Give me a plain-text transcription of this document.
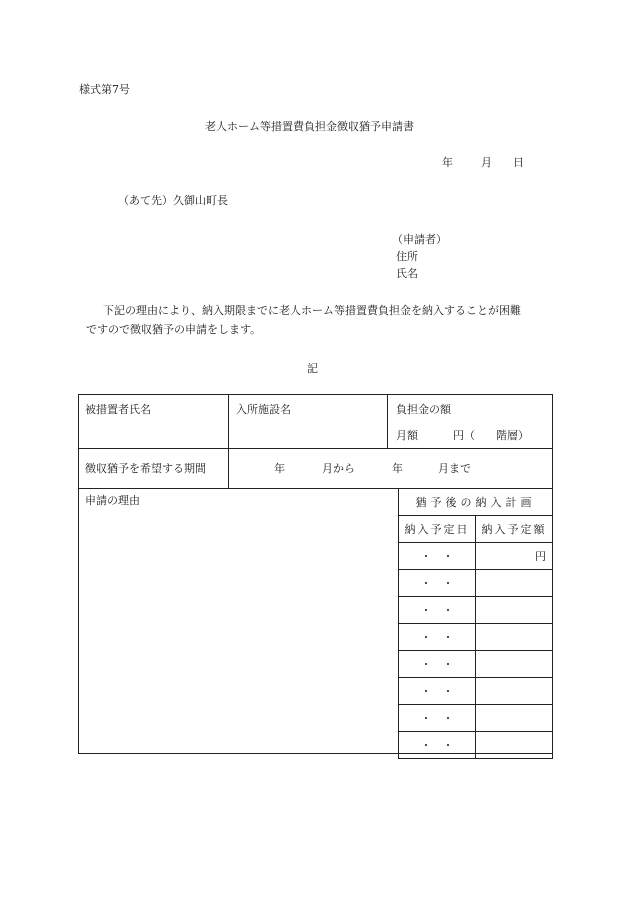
様式第7号
老人ホーム等措置費負担金徴収猶予申請書
年	月 日
（あて先）久御山町長
（申請者）
住所
氏名
下記の理由により、納入期限までに老人ホーム等措置費負担金を納入することが困難
ですので徴収猶予の申請をします。
記
被措置者氏名	入所施設名	負担金の額
月額	円（ 階層）
徴収猶予を希望する期間	年	月から	年	月まで
申請の理由	猶予後の納入計画	
納入予定日	納入予定額
・　・	円
・　・	
・　・	
・　・	
・　・	
・　・	
・　・	
・　・	
